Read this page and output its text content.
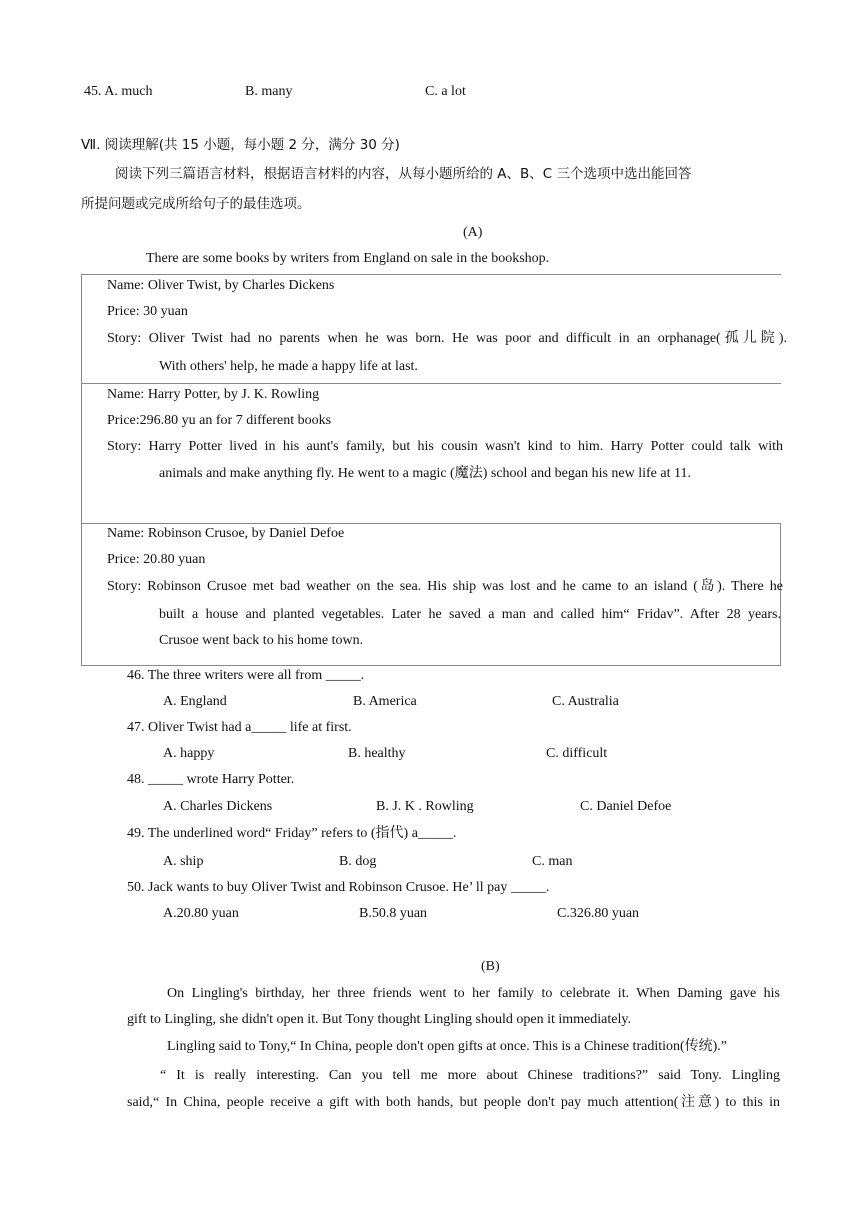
45. A. much	B. many	C. a lot
Ⅶ. 阅读理解(共 15 小题，每小题 2 分，满分 30 分)
阅读下列三篇语言材料，根据语言材料的内容，从每小题所给的 A、B、C 三个选项中选出能回答
所提问题或完成所给句子的最佳选项。
(A)
There are some books by writers from England on sale in the bookshop.
Name: Oliver Twist, by Charles Dickens
Price: 30 yuan
Story: Oliver Twist had no parents when he was born. He was poor and difficult in an orphanage(孤儿院).
With others' help, he made a happy life at last.
Name: Harry Potter, by J. K. Rowling
Price:296.80 yu an for 7 different books
Story: Harry Potter lived in his aunt's family, but his cousin wasn't kind to him. Harry Potter could talk with
animals and make anything fly. He went to a magic (魔法) school and began his new life at 11.
Name: Robinson Crusoe, by Daniel Defoe
Price: 20.80 yuan
Story: Robinson Crusoe met bad weather on the sea. His ship was lost and he came to an island (岛). There he
built a house and planted vegetables. Later he saved a man and called him“ Fridav”. After 28 years.
Crusoe went back to his home town.
46. The three writers were all from _____.
A. England	B. America	C. Australia
47. Oliver Twist had a_____ life at first.
A. happy	B. healthy	C. difficult
48. _____ wrote Harry Potter.
A. Charles Dickens	B. J. K . Rowling	C. Daniel Defoe
49. The underlined word“ Friday” refers to (指代) a_____.
A. ship	B. dog	C. man
50. Jack wants to buy Oliver Twist and Robinson Crusoe. He’ ll pay _____.
A.20.80 yuan	B.50.8 yuan	C.326.80 yuan
(B)
On Lingling's birthday, her three friends went to her family to celebrate it. When Daming gave his
gift to Lingling, she didn't open it. But Tony thought Lingling should open it immediately.
Lingling said to Tony,“ In China, people don't open gifts at once. This is a Chinese tradition(传统).”
“ It is really interesting. Can you tell me more about Chinese traditions?” said Tony. Lingling
said,“ In China, people receive a gift with both hands, but people don't pay much attention(注意) to this in
